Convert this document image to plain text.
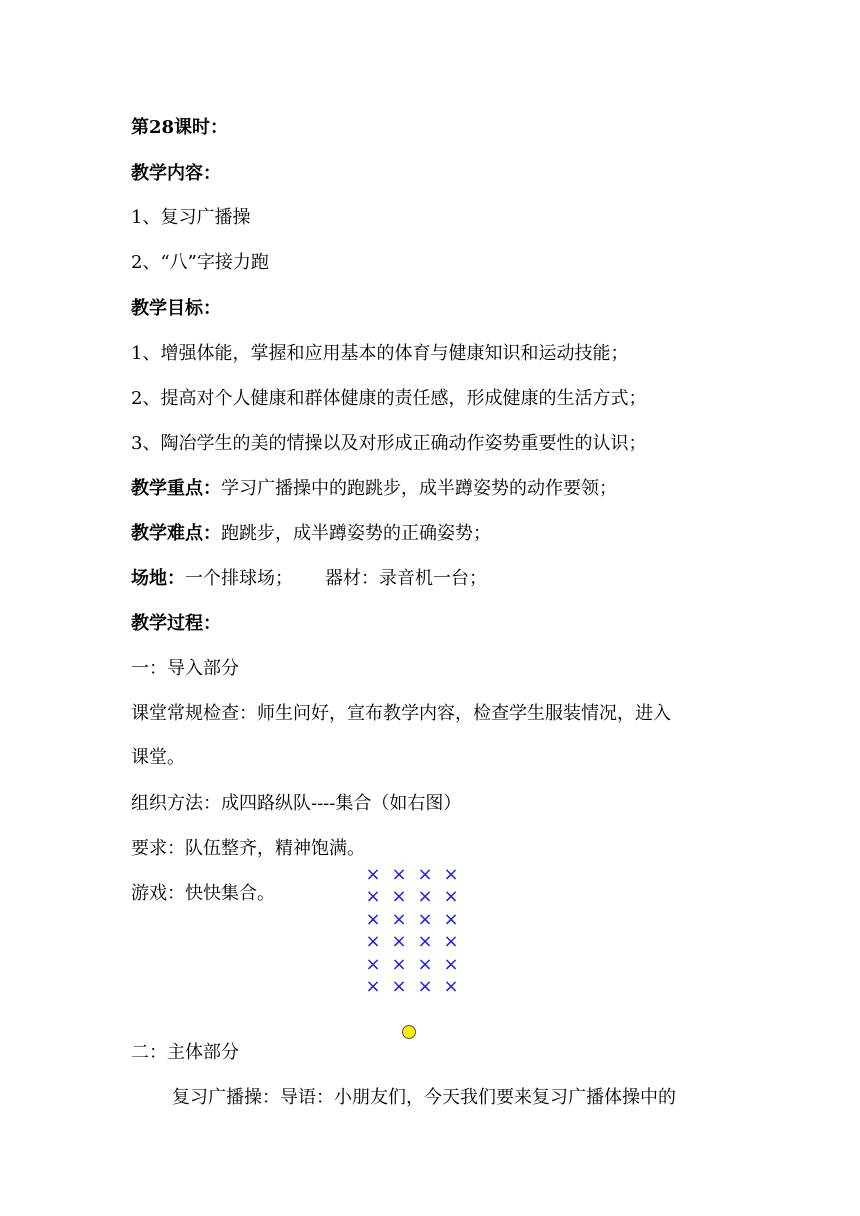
第28课时：
教学内容：
1、复习广播操
2、“八”字接力跑
教学目标：
1、增强体能，掌握和应用基本的体育与健康知识和运动技能；
2、提高对个人健康和群体健康的责任感，形成健康的生活方式；
3、陶冶学生的美的情操以及对形成正确动作姿势重要性的认识；
教学重点：学习广播操中的跑跳步，成半蹲姿势的动作要领；
教学难点：跑跳步，成半蹲姿势的正确姿势；
场地：一个排球场； 器材：录音机一台；
教学过程：
一：导入部分
课堂常规检查：师生问好，宣布教学内容，检查学生服装情况，进入
课堂。
组织方法：成四路纵队----集合（如右图）
要求：队伍整齐，精神饱满。
游戏：快快集合。
× × × ×
× × × ×
× × × ×
× × × ×
× × × ×
× × × ×
二：主体部分
复习广播操：导语：小朋友们，今天我们要来复习广播体操中的
